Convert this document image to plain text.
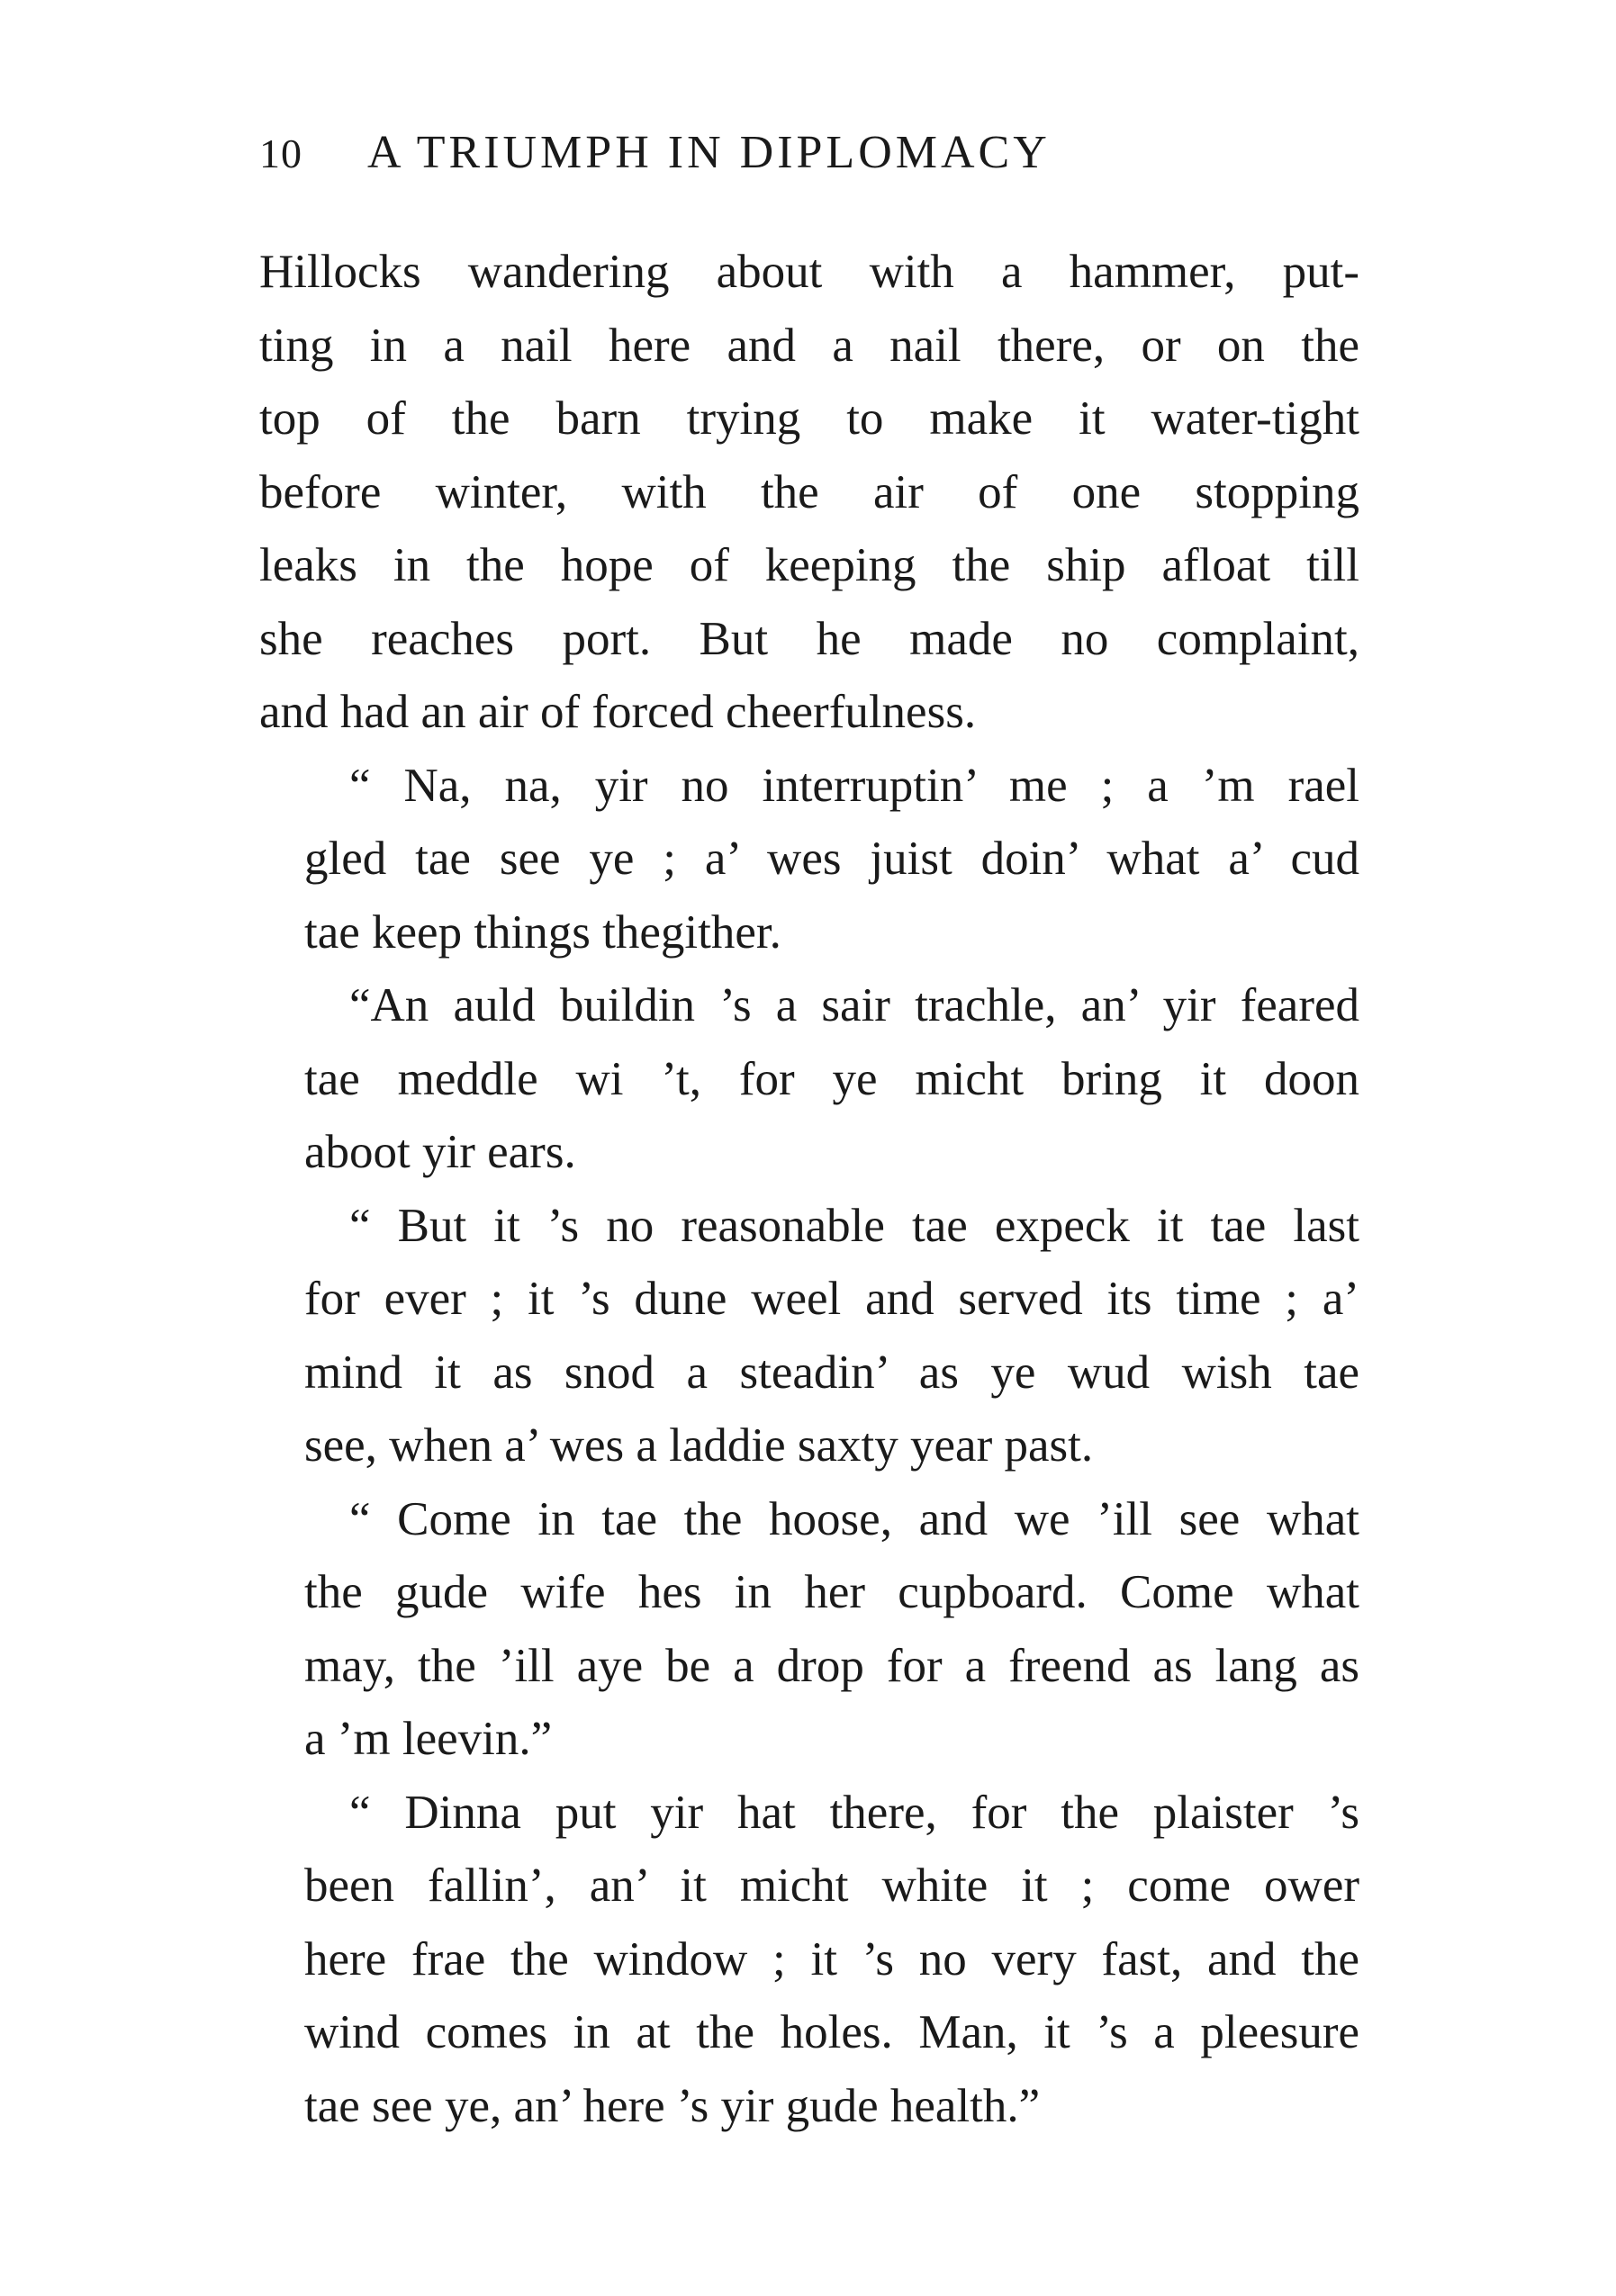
10	A TRIUMPH IN DIPLOMACY
Hillocks wandering about with a hammer, put-
ting in a nail here and a nail there, or on the
top of the barn trying to make it water-tight
before winter, with the air of one stopping
leaks in the hope of keeping the ship afloat till
she reaches port. But he made no complaint,
and had an air of forced cheerfulness.
“ Na, na, yir no interruptin’ me ; a ’m rael
gled tae see ye ; a’ wes juist doin’ what a’ cud
tae keep things thegither.
“An auld buildin ’s a sair trachle, an’ yir feared
tae meddle wi ’t, for ye micht bring it doon
aboot yir ears.
“ But it ’s no reasonable tae expeck it tae last
for ever ; it ’s dune weel and served its time ; a’
mind it as snod a steadin’ as ye wud wish tae
see, when a’ wes a laddie saxty year past.
“ Come in tae the hoose, and we ’ill see what
the gude wife hes in her cupboard. Come what
may, the ’ill aye be a drop for a freend as lang as
a ’m leevin.”
“ Dinna put yir hat there, for the plaister ’s
been fallin’, an’ it micht white it ; come ower
here frae the window ; it ’s no very fast, and the
wind comes in at the holes. Man, it ’s a pleesure
tae see ye, an’ here ’s yir gude health.”
